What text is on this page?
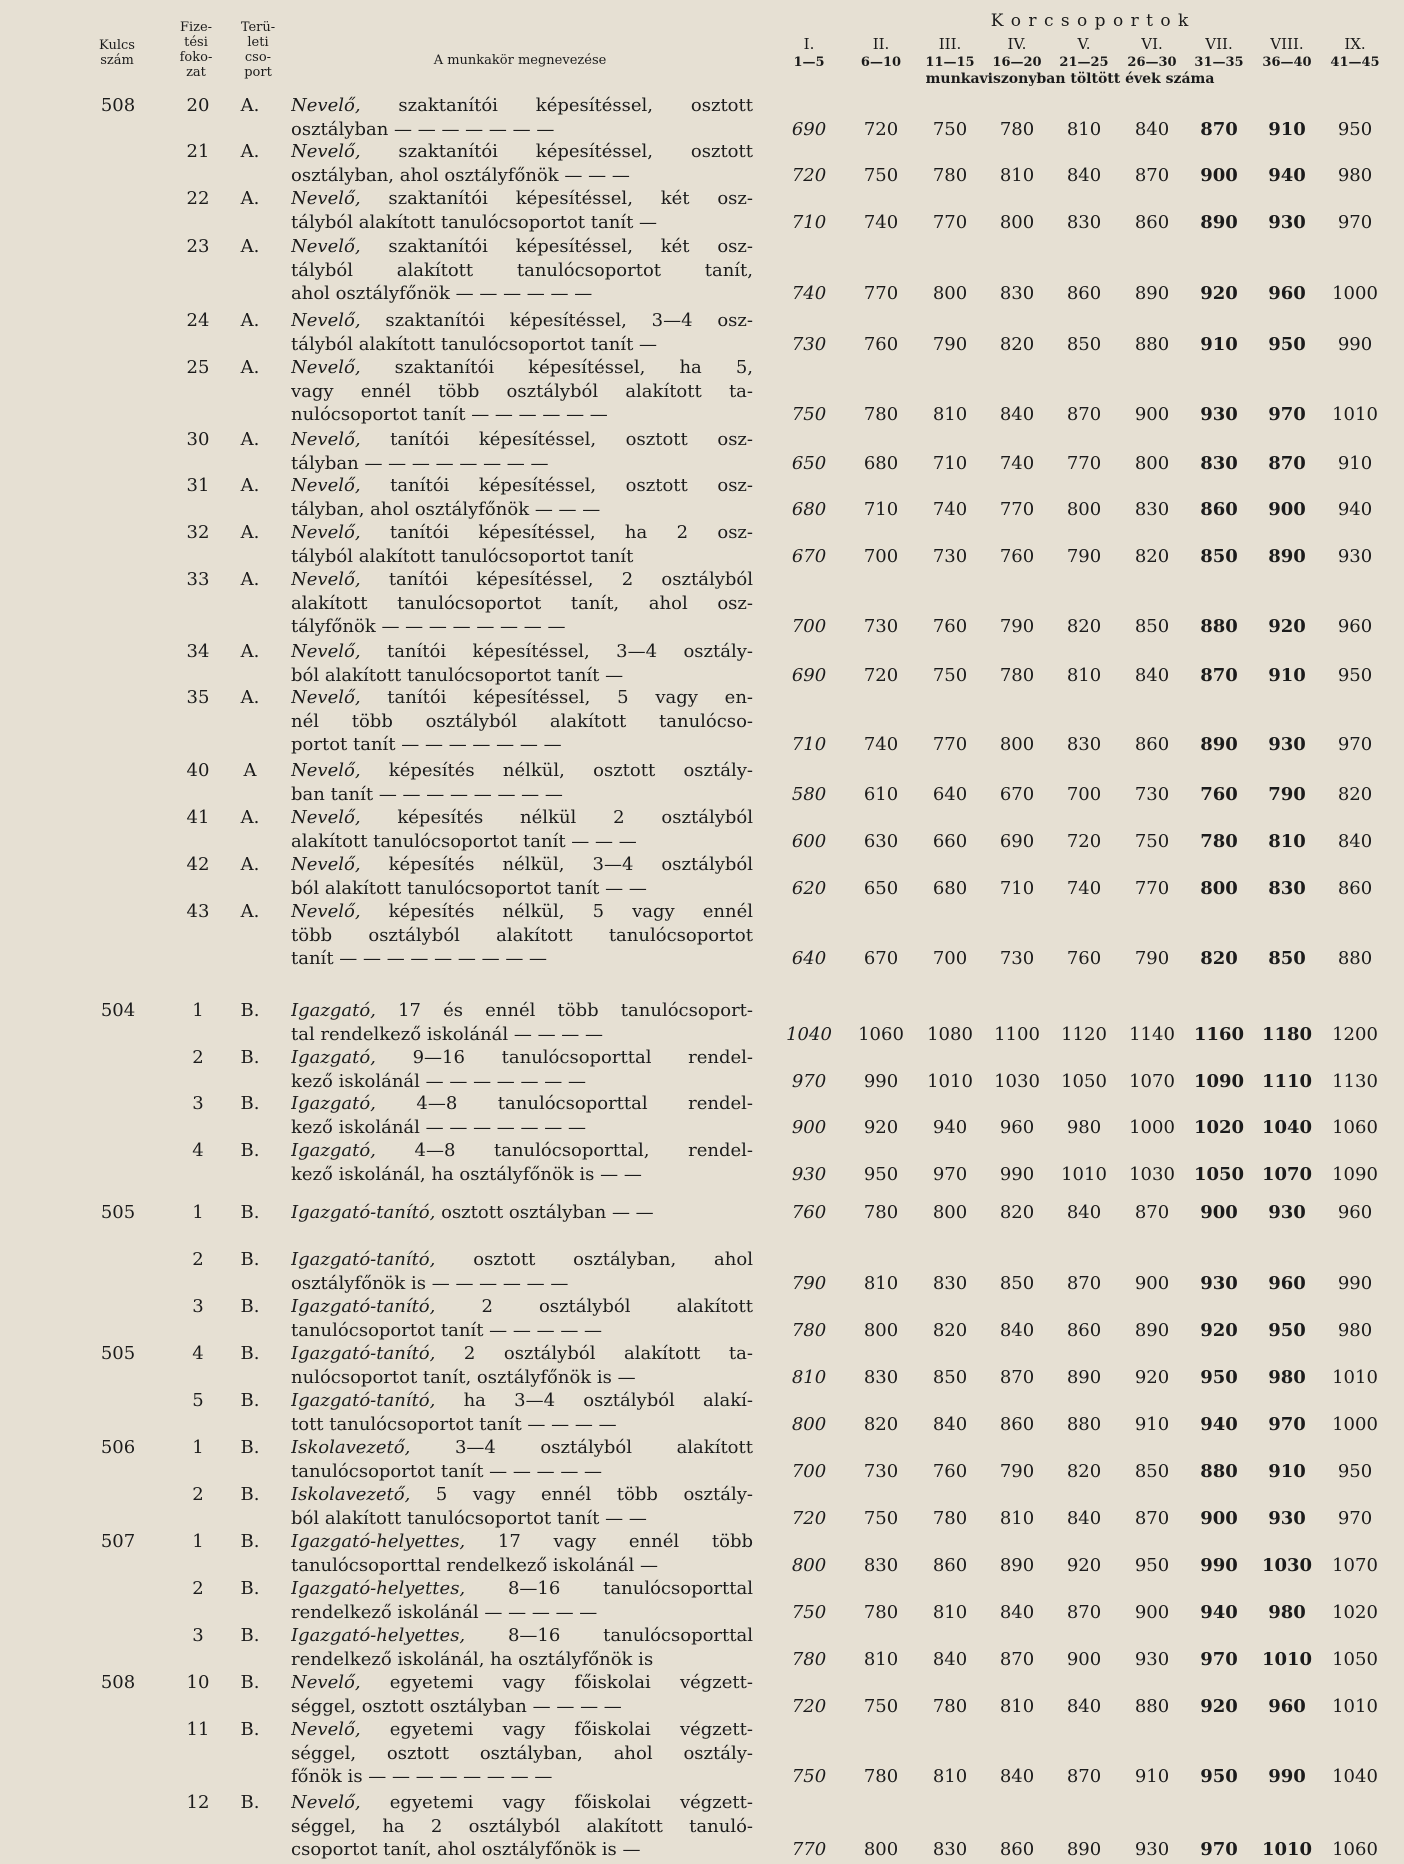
Kulcs
szám
Fize-
tési
foko-
zat
Terü-
leti
cso-
port
A munkakör megnevezése
K o r c s o p o r t o k
I.
1—5
II.
6—10
III.
11—15
IV.
16—20
V.
21—25
VI.
26—30
VII.
31—35
VIII.
36—40
IX.
41—45
munkaviszonyban töltött évek száma
508	20	A.	Nevelő, szaktanítói képesítéssel, osztott
osztályban — — — — — — —	690	720	750	780	810	840	870	910	950
21	A.	Nevelő, szaktanítói képesítéssel, osztott
osztályban, ahol osztályfőnök — — —	720	750	780	810	840	870	900	940	980
22	A.	Nevelő, szaktanítói képesítéssel, két osz-
tályból alakított tanulócsoportot tanít —	710	740	770	800	830	860	890	930	970
23	A.	Nevelő, szaktanítói képesítéssel, két osz-
tályból alakított tanulócsoportot tanít,
ahol osztályfőnök — — — — — —	740	770	800	830	860	890	920	960	1000
24	A.	Nevelő, szaktanítói képesítéssel, 3—4 osz-
tályból alakított tanulócsoportot tanít —	730	760	790	820	850	880	910	950	990
25	A.	Nevelő, szaktanítói képesítéssel, ha 5,
vagy ennél több osztályból alakított ta-
nulócsoportot tanít — — — — — —	750	780	810	840	870	900	930	970	1010
30	A.	Nevelő, tanítói képesítéssel, osztott osz-
tályban — — — — — — — —	650	680	710	740	770	800	830	870	910
31	A.	Nevelő, tanítói képesítéssel, osztott osz-
tályban, ahol osztályfőnök — — —	680	710	740	770	800	830	860	900	940
32	A.	Nevelő, tanítói képesítéssel, ha 2 osz-
tályból alakított tanulócsoportot tanít	670	700	730	760	790	820	850	890	930
33	A.	Nevelő, tanítói képesítéssel, 2 osztályból
alakított tanulócsoportot tanít, ahol osz-
tályfőnök — — — — — — — —	700	730	760	790	820	850	880	920	960
34	A.	Nevelő, tanítói képesítéssel, 3—4 osztály-
ból alakított tanulócsoportot tanít —	690	720	750	780	810	840	870	910	950
35	A.	Nevelő, tanítói képesítéssel, 5 vagy en-
nél több osztályból alakított tanulócso-
portot tanít — — — — — — —	710	740	770	800	830	860	890	930	970
40	A	Nevelő, képesítés nélkül, osztott osztály-
ban tanít — — — — — — — —	580	610	640	670	700	730	760	790	820
41	A.	Nevelő, képesítés nélkül 2 osztályból
alakított tanulócsoportot tanít — — —	600	630	660	690	720	750	780	810	840
42	A.	Nevelő, képesítés nélkül, 3—4 osztályból
ból alakított tanulócsoportot tanít — —	620	650	680	710	740	770	800	830	860
43	A.	Nevelő, képesítés nélkül, 5 vagy ennél
több osztályból alakított tanulócsoportot
tanít — — — — — — — — —	640	670	700	730	760	790	820	850	880
504	1	B.	Igazgató, 17 és ennél több tanulócsoport-
tal rendelkező iskolánál — — — —	1040	1060	1080	1100	1120	1140	1160 1180	1200
2	B.	Igazgató, 9—16 tanulócsoporttal rendel-
kező iskolánál — — — — — — —	970	990	1010	1030	1050	1070	1090 1110	1130
3	B.	Igazgató, 4—8 tanulócsoporttal rendel-
kező iskolánál — — — — — — —	900	920	940	960	980	1000	1020 1040	1060
4	B.	Igazgató, 4—8 tanulócsoporttal, rendel-
kező iskolánál, ha osztályfőnök is — —	930	950	970	990	1010	1030	1050 1070	1090
505	1	B.	Igazgató-tanító, osztott osztályban — —	760	780	800	820	840	870	900	930	960
2	B.	Igazgató-tanító, osztott osztályban, ahol
osztályfőnök is — — — — — —	790	810	830	850	870	900	930	960	990
3	B.	Igazgató-tanító,	2 osztályból alakított
tanulócsoportot tanít — — — — —	780	800	820	840	860	890	920	950	980
505	4	B.	Igazgató-tanító, 2 osztályból alakított ta-
nulócsoportot tanít, osztályfőnök is —	810	830	850	870	890	920	950	980	1010
5	B.	Igazgató-tanító, ha 3—4 osztályból alakí-
tott tanulócsoportot tanít — — — —	800	820	840	860	880	910	940	970	1000
506	1	B.	Iskolavezető, 3—4 osztályból alakított
tanulócsoportot tanít — — — — —	700	730	760	790	820	850	880	910	950
2	B.	Iskolavezető, 5 vagy ennél több osztály-
ból alakított tanulócsoportot tanít — —	720	750	780	810	840	870	900	930	970
507	1	B.	Igazgató-helyettes, 17 vagy ennél több
tanulócsoporttal rendelkező iskolánál —	800	830	860	890	920	950	990	1030	1070
2	B.	Igazgató-helyettes, 8—16 tanulócsoporttal
rendelkező iskolánál — — — — —	750	780	810	840	870	900	940	980	1020
3	B.	Igazgató-helyettes, 8—16 tanulócsoporttal
rendelkező iskolánál, ha osztályfőnök is	780	810	840	870	900	930	970	1010	1050
508	10	B.	Nevelő, egyetemi vagy főiskolai végzett-
séggel, osztott osztályban — — — —	720	750	780	810	840	880	920	960	1010
11	B.	Nevelő, egyetemi vagy főiskolai végzett-
séggel, osztott osztályban, ahol osztály-
főnök is — — — — — — — —	750	780	810	840	870	910	950	990	1040
12	B.	Nevelő, egyetemi vagy főiskolai végzett-
séggel, ha 2 osztályból alakított tanuló-
csoportot tanít, ahol osztályfőnök is —	770	800	830	860	890	930	970	1010	1060
